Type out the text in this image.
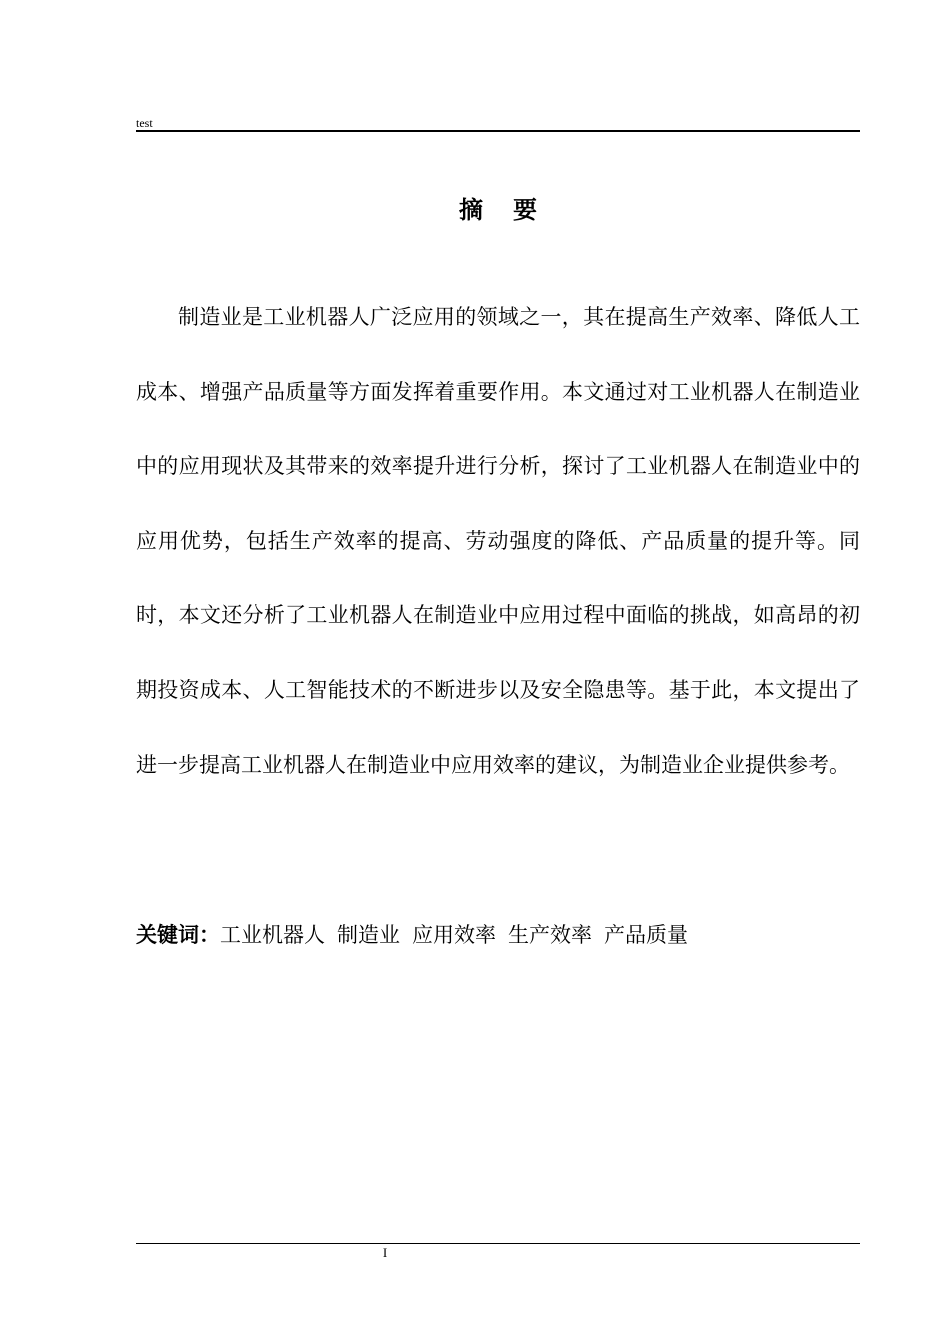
test
摘 要

制造业是工业机器人广泛应用的领域之一，其在提高生产效率、降低人工成本、增强产品质量等方面发挥着重要作用。本文通过对工业机器人在制造业中的应用现状及其带来的效率提升进行分析，探讨了工业机器人在制造业中的应用优势，包括生产效率的提高、劳动强度的降低、产品质量的提升等。同时，本文还分析了工业机器人在制造业中应用过程中面临的挑战，如高昂的初期投资成本、人工智能技术的不断进步以及安全隐患等。基于此，本文提出了进一步提高工业机器人在制造业中应用效率的建议，为制造业企业提供参考。

关键词：工业机器人 制造业 应用效率 生产效率 产品质量
I
